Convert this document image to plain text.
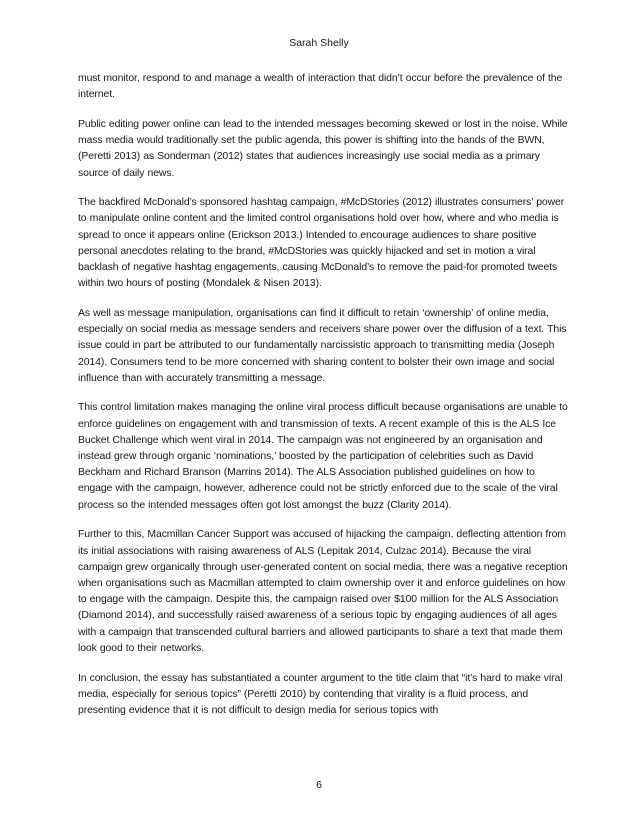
Sarah Shelly

must monitor, respond to and manage a wealth of interaction that didn’t occur before the prevalence of the internet.

Public editing power online can lead to the intended messages becoming skewed or lost in the noise. While mass media would traditionally set the public agenda, this power is shifting into the hands of the BWN, (Peretti 2013) as Sonderman (2012) states that audiences increasingly use social media as a primary source of daily news.

The backfired McDonald’s sponsored hashtag campaign, #McDStories (2012) illustrates consumers’ power to manipulate online content and the limited control organisations hold over how, where and who media is spread to once it appears online (Erickson 2013.) Intended to encourage audiences to share positive personal anecdotes relating to the brand, #McDStories was quickly hijacked and set in motion a viral backlash of negative hashtag engagements, causing McDonald’s to remove the paid-for promoted tweets within two hours of posting (Mondalek & Nisen 2013).

As well as message manipulation, organisations can find it difficult to retain ‘ownership’ of online media, especially on social media as message senders and receivers share power over the diffusion of a text. This issue could in part be attributed to our fundamentally narcissistic approach to transmitting media (Joseph 2014). Consumers tend to be more concerned with sharing content to bolster their own image and social influence than with accurately transmitting a message.

This control limitation makes managing the online viral process difficult because organisations are unable to enforce guidelines on engagement with and transmission of texts. A recent example of this is the ALS Ice Bucket Challenge which went viral in 2014. The campaign was not engineered by an organisation and instead grew through organic ‘nominations,’ boosted by the participation of celebrities such as David Beckham and Richard Branson (Marrins 2014). The ALS Association published guidelines on how to engage with the campaign, however, adherence could not be strictly enforced due to the scale of the viral process so the intended messages often got lost amongst the buzz (Clarity 2014).

Further to this, Macmillan Cancer Support was accused of hijacking the campaign, deflecting attention from its initial associations with raising awareness of ALS (Lepitak 2014, Culzac 2014). Because the viral campaign grew organically through user-generated content on social media, there was a negative reception when organisations such as Macmillan attempted to claim ownership over it and enforce guidelines on how to engage with the campaign. Despite this, the campaign raised over $100 million for the ALS Association (Diamond 2014), and successfully raised awareness of a serious topic by engaging audiences of all ages with a campaign that transcended cultural barriers and allowed participants to share a text that made them look good to their networks.

In conclusion, the essay has substantiated a counter argument to the title claim that “it’s hard to make viral media, especially for serious topics” (Peretti 2010) by contending that virality is a fluid process, and presenting evidence that it is not difficult to design media for serious topics with

6
